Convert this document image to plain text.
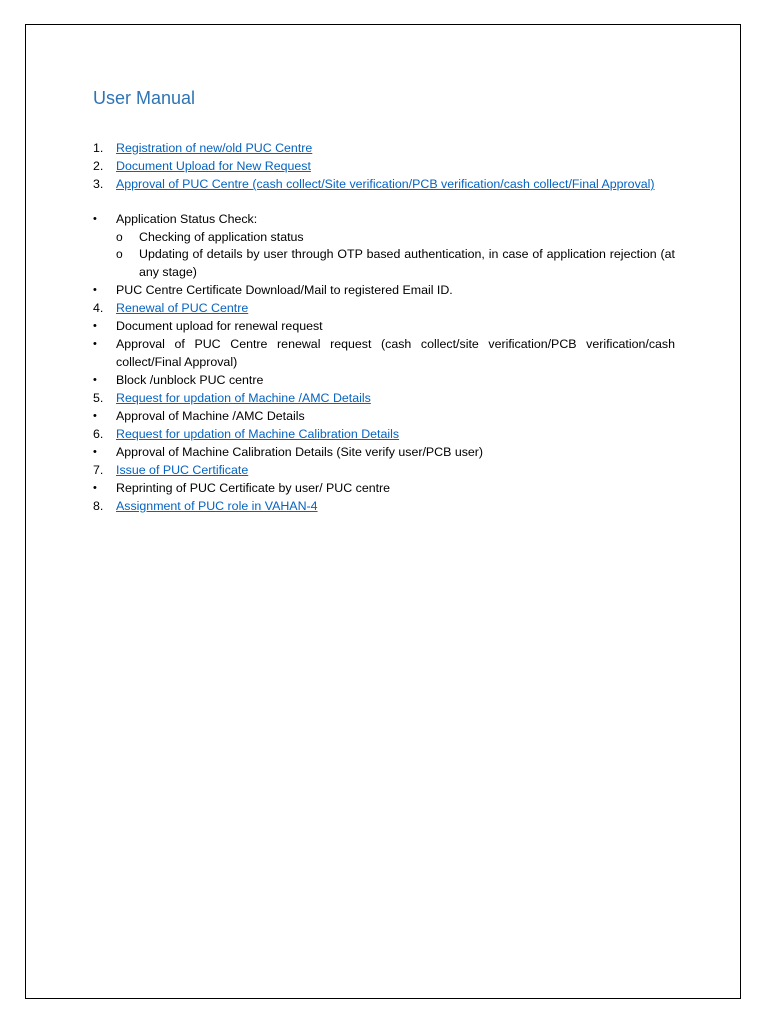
User Manual
1.	Registration of new/old PUC Centre
2.	Document Upload for New Request
3.	Approval of PUC Centre (cash collect/Site verification/PCB verification/cash collect/Final Approval)
•	Application Status Check:
o Checking of application status
o Updating of details by user through OTP based authentication, in case of application rejection (at any stage)
•	PUC Centre Certificate Download/Mail to registered Email ID.
4.	Renewal of PUC Centre
•	Document upload for renewal request
•	Approval of PUC Centre renewal request (cash collect/site verification/PCB verification/cash collect/Final Approval)
•	Block /unblock PUC centre
5.	Request for updation of Machine /AMC Details
•	Approval of Machine /AMC Details
6.	Request for updation of Machine Calibration Details
•	Approval of Machine Calibration Details (Site verify user/PCB user)
7.	Issue of PUC Certificate
•	Reprinting of PUC Certificate by user/ PUC centre
8.	Assignment of PUC role in VAHAN-4
